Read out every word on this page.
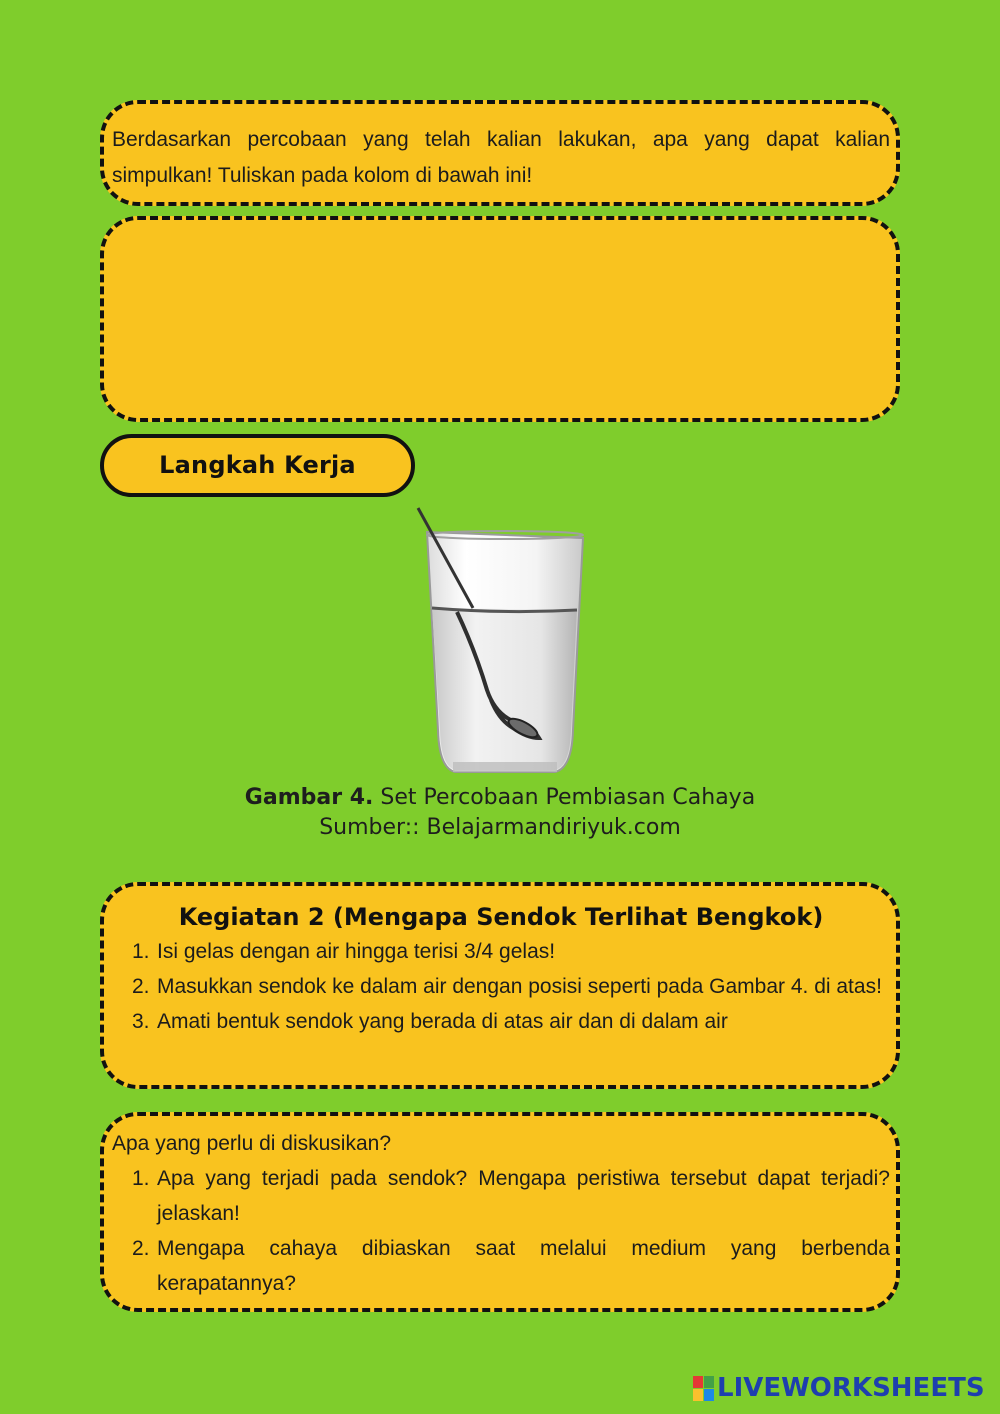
Berdasarkan percobaan yang telah kalian lakukan, apa yang dapat kalian simpulkan! Tuliskan pada kolom di bawah ini!
Langkah Kerja
Gambar 4. Set Percobaan Pembiasan Cahaya
Sumber:: Belajarmandiriyuk.com
Kegiatan 2 (Mengapa Sendok Terlihat Bengkok)
1. Isi gelas dengan air hingga terisi 3/4 gelas!
2. Masukkan sendok ke dalam air dengan posisi seperti pada Gambar 4. di atas!
3. Amati bentuk sendok yang berada di atas air dan di dalam air
Apa yang perlu di diskusikan?
1. Apa yang terjadi pada sendok? Mengapa peristiwa tersebut dapat terjadi? jelaskan!
2. Mengapa cahaya dibiaskan saat melalui medium yang berbenda kerapatannya?
LIVEWORKSHEETS
